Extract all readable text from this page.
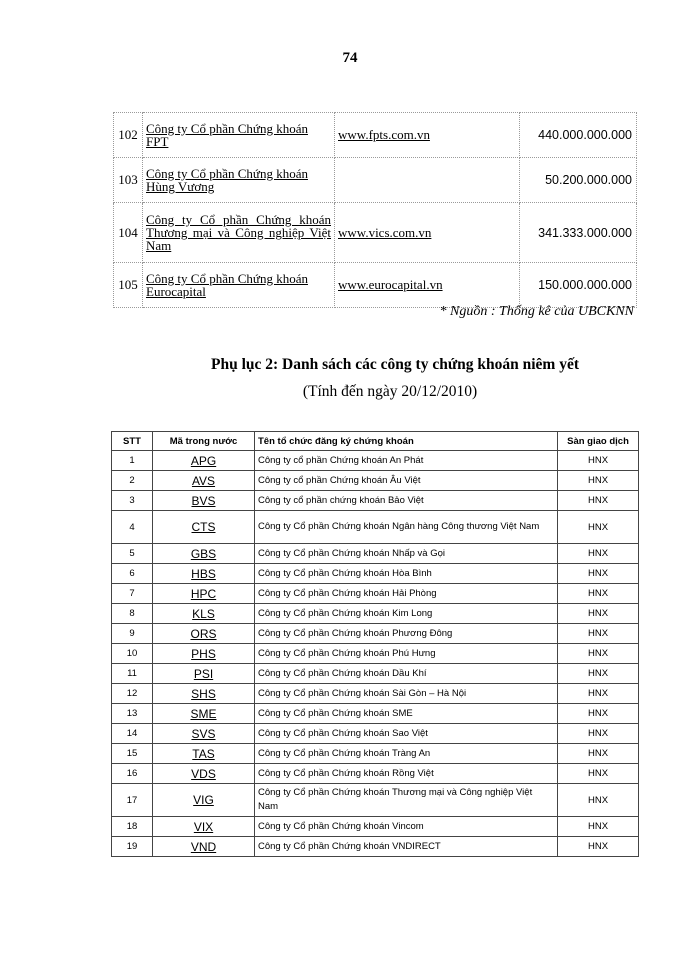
74
102	Công ty Cổ phần Chứng khoán FPT	www.fpts.com.vn	440.000.000.000
103	Công ty Cổ phần Chứng khoán Hùng Vương		50.200.000.000
104	Công ty Cổ phần Chứng khoán Thương mại và Công nghiệp Việt Nam	www.vics.com.vn	341.333.000.000
105	Công ty Cổ phần Chứng khoán Eurocapital	www.eurocapital.vn	150.000.000.000
* Nguồn : Thống kê của UBCKNN
Phụ lục 2: Danh sách các công ty chứng khoán niêm yết
(Tính đến ngày 20/12/2010)
STT	Mã trong nước	Tên tổ chức đăng ký chứng khoán	Sàn giao dịch
1	APG	Công ty cổ phần Chứng khoán An Phát	HNX
2	AVS	Công ty cổ phần Chứng khoán Âu Việt	HNX
3	BVS	Công ty cổ phần chứng khoán Bảo Việt	HNX
4	CTS	Công ty Cổ phần Chứng khoán Ngân hàng Công thương Việt Nam	HNX
5	GBS	Công ty Cổ phần Chứng khoán Nhấp và Gọi	HNX
6	HBS	Công ty Cổ phần Chứng khoán Hòa Bình	HNX
7	HPC	Công ty Cổ phần Chứng khoán Hải Phòng	HNX
8	KLS	Công ty Cổ phần Chứng khoán Kim Long	HNX
9	ORS	Công ty Cổ phần Chứng khoán Phương Đông	HNX
10	PHS	Công ty Cổ phần Chứng khoán Phú Hưng	HNX
11	PSI	Công ty Cổ phần Chứng khoán Dầu Khí	HNX
12	SHS	Công ty Cổ phần Chứng khoán Sài Gòn – Hà Nội	HNX
13	SME	Công ty Cổ phần Chứng khoán SME	HNX
14	SVS	Công ty Cổ phần Chứng khoán Sao Việt	HNX
15	TAS	Công ty Cổ phần Chứng khoán Tràng An	HNX
16	VDS	Công ty Cổ phần Chứng khoán Rồng Việt	HNX
17	VIG	Công ty Cổ phần Chứng khoán Thương mại và Công nghiệp Việt Nam	HNX
18	VIX	Công ty Cổ phần Chứng khoán Vincom	HNX
19	VND	Công ty Cổ phần Chứng khoán VNDIRECT	HNX
